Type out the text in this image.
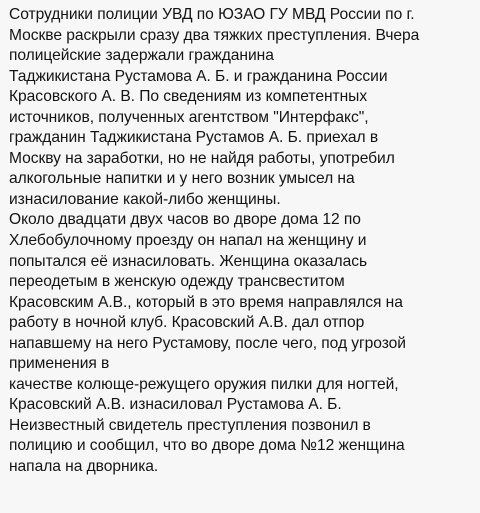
Сотрудники полиции УВД по ЮЗАО ГУ МВД России по г.
Москве раскрыли сразу два тяжких преступления. Вчера
полицейские задержали гражданина
Таджикистана Рустамова А. Б. и гражданина России
Красовского А. В. По сведениям из компетентных
источников, полученных агентством "Интерфакс",
гражданин Таджикистана Рустамов А. Б. приехал в
Москву на заработки, но не найдя работы, употребил
алкогольные напитки и у него возник умысел на
изнасилование какой-либо женщины.
Около двадцати двух часов во дворе дома 12 по
Хлебобулочному проезду он напал на женщину и
попытался её изнасиловать. Женщина оказалась
переодетым в женскую одежду трансвеститом
Красовским А.В., который в это время направлялся на
работу в ночной клуб. Красовский А.В. дал отпор
напавшему на него Рустамову, после чего, под угрозой
применения в
качестве колюще-режущего оружия пилки для ногтей,
Красовский А.В. изнасиловал Рустамова А. Б.
Неизвестный свидетель преступления позвонил в
полицию и сообщил, что во дворе дома №12 женщина
напала на дворника.
